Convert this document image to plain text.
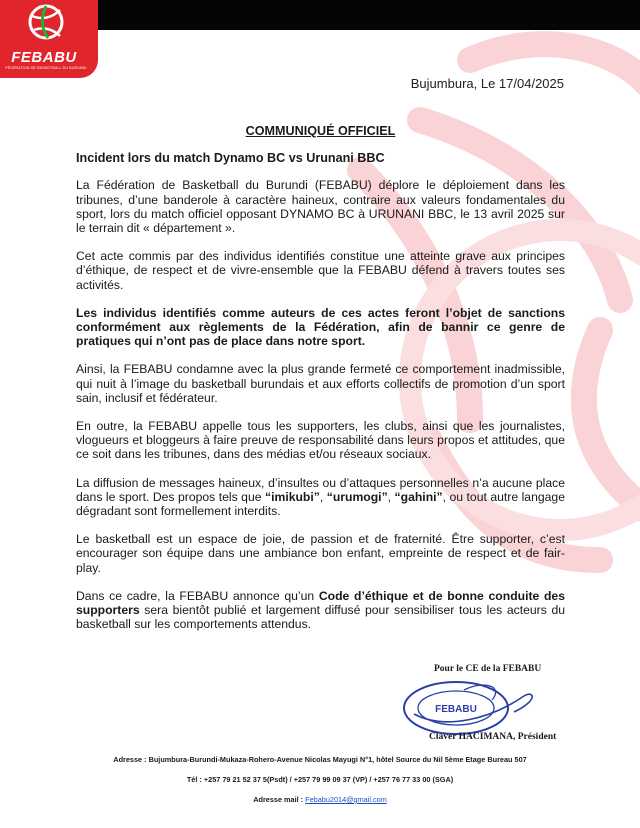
FEBABU
FÉDÉRATION DE BASKETBALL DU BURUNDI
Bujumbura, Le 17/04/2025
COMMUNIQUÉ OFFICIEL
Incident lors du match Dynamo BC vs Urunani BBC

La Fédération de Basketball du Burundi (FEBABU) déplore le déploiement dans les tribunes, d’une banderole à caractère haineux, contraire aux valeurs fondamentales du sport, lors du match officiel opposant DYNAMO BC à URUNANI BBC, le 13 avril 2025 sur le terrain dit « département ».

Cet acte commis par des individus identifiés constitue une atteinte grave aux principes d’éthique, de respect et de vivre-ensemble que la FEBABU défend à travers toutes ses activités.

Les individus identifiés comme auteurs de ces actes feront l’objet de sanctions conformément aux règlements de la Fédération, afin de bannir ce genre de pratiques qui n’ont pas de place dans notre sport.

Ainsi, la FEBABU condamne avec la plus grande fermeté ce comportement inadmissible, qui nuit à l’image du basketball burundais et aux efforts collectifs de promotion d’un sport sain, inclusif et fédérateur.

En outre, la FEBABU appelle tous les supporters, les clubs, ainsi que les journalistes, vlogueurs et bloggeurs à faire preuve de responsabilité dans leurs propos et attitudes, que ce soit dans les tribunes, dans des médias et/ou réseaux sociaux.

La diffusion de messages haineux, d’insultes ou d’attaques personnelles n’a aucune place dans le sport. Des propos tels que “imikubi”, “urumogi”, “gahini”, ou tout autre langage dégradant sont formellement interdits.

Le basketball est un espace de joie, de passion et de fraternité. Être supporter, c’est encourager son équipe dans une ambiance bon enfant, empreinte de respect et de fair-play.

Dans ce cadre, la FEBABU annonce qu’un Code d’éthique et de bonne conduite des supporters sera bientôt publié et largement diffusé pour sensibiliser tous les acteurs du basketball sur les comportements attendus.

Pour le CE de la FEBABU
FEBABU
Claver HACIMANA, Président
Adresse : Bujumbura-Burundi-Mukaza-Rohero-Avenue Nicolas Mayugi N°1, hôtel Source du Nil 5ème Etage Bureau 507
Tél : +257 79 21 52 37 5(Psdt) / +257 79 99 09 37 (VP) / +257 76 77 33 00 (SGA)
Adresse mail : Febabu2014@gmail.com
